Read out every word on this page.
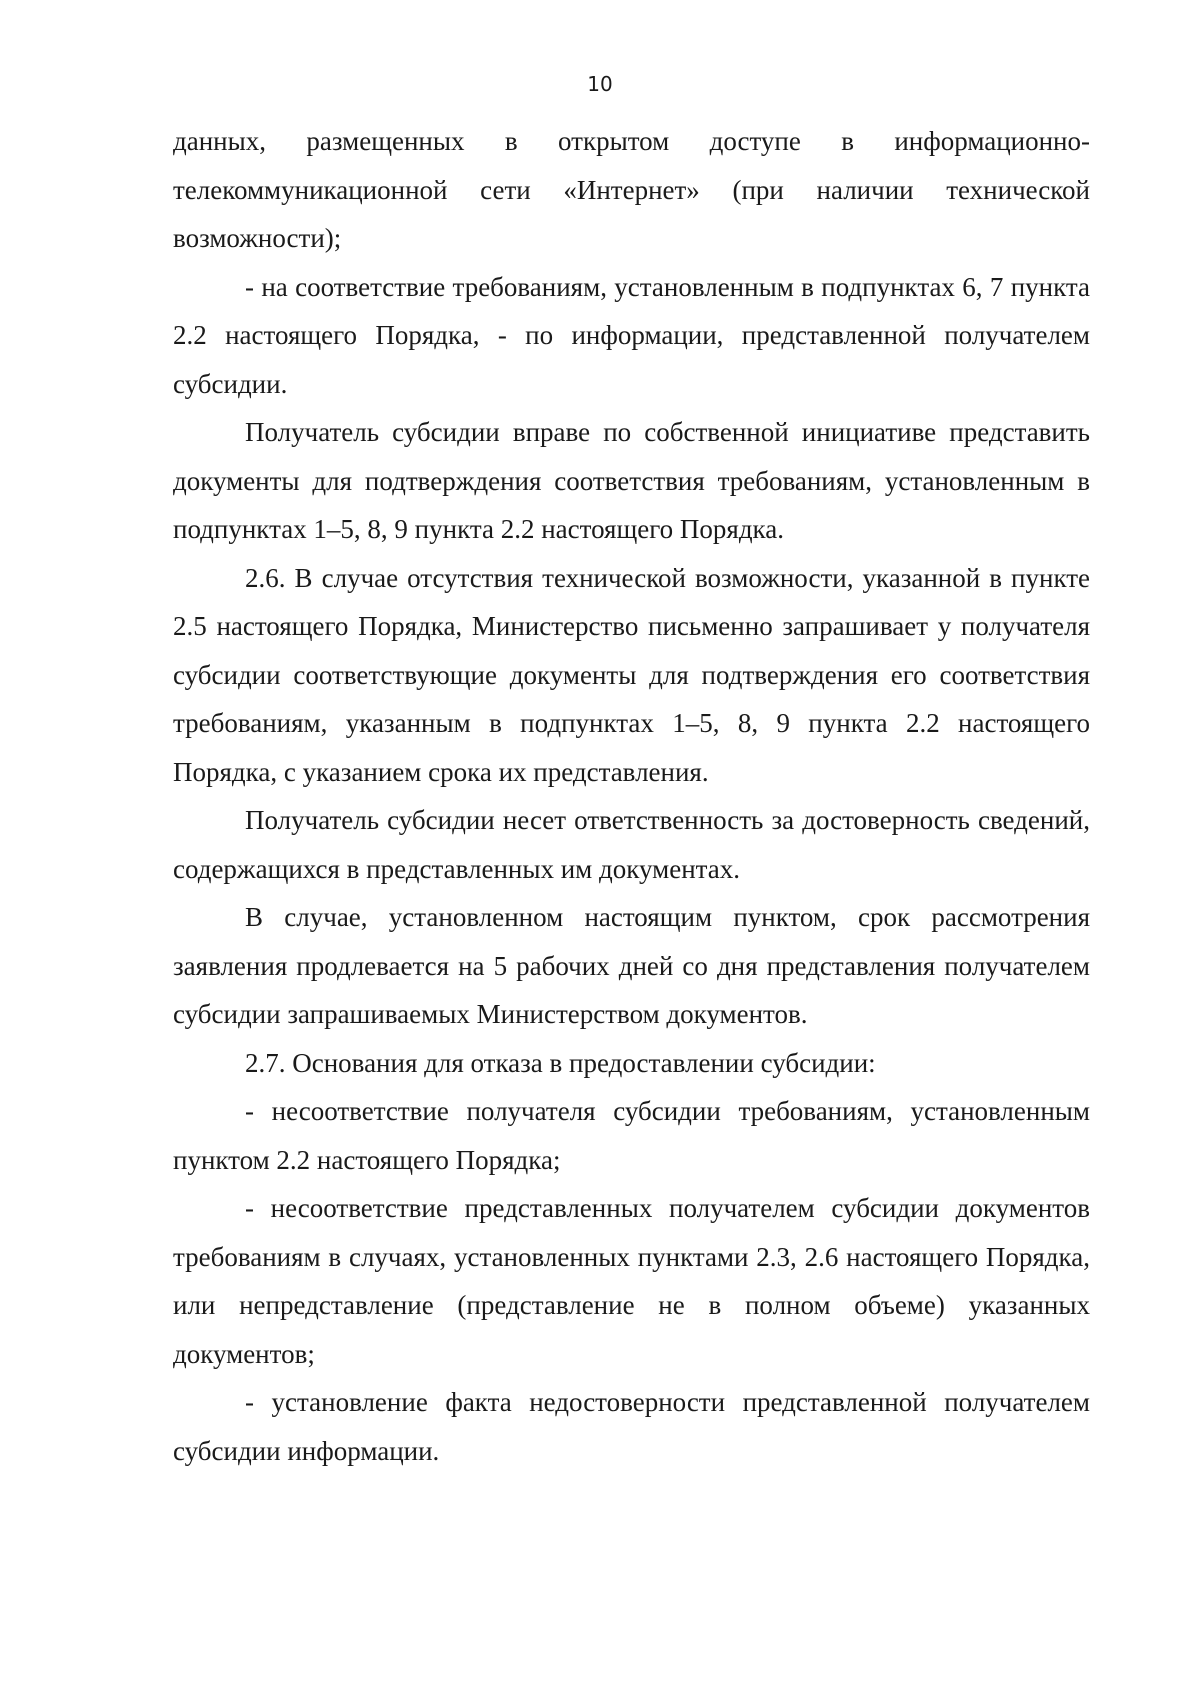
10

данных, размещенных в открытом доступе в информационно-телекоммуникационной сети «Интернет» (при наличии технической возможности);

- на соответствие требованиям, установленным в подпунктах 6, 7 пункта 2.2 настоящего Порядка, - по информации, представленной получателем субсидии.

Получатель субсидии вправе по собственной инициативе представить документы для подтверждения соответствия требованиям, установленным в подпунктах 1–5, 8, 9 пункта 2.2 настоящего Порядка.

2.6. В случае отсутствия технической возможности, указанной в пункте 2.5 настоящего Порядка, Министерство письменно запрашивает у получателя субсидии соответствующие документы для подтверждения его соответствия требованиям, указанным в подпунктах 1–5, 8, 9 пункта 2.2 настоящего Порядка, с указанием срока их представления.

Получатель субсидии несет ответственность за достоверность сведений, содержащихся в представленных им документах.

В случае, установленном настоящим пунктом, срок рассмотрения заявления продлевается на 5 рабочих дней со дня представления получателем субсидии запрашиваемых Министерством документов.

2.7. Основания для отказа в предоставлении субсидии:

- несоответствие получателя субсидии требованиям, установленным пунктом 2.2 настоящего Порядка;

- несоответствие представленных получателем субсидии документов требованиям в случаях, установленных пунктами 2.3, 2.6 настоящего Порядка, или непредставление (представление не в полном объеме) указанных документов;

- установление факта недостоверности представленной получателем субсидии информации.
